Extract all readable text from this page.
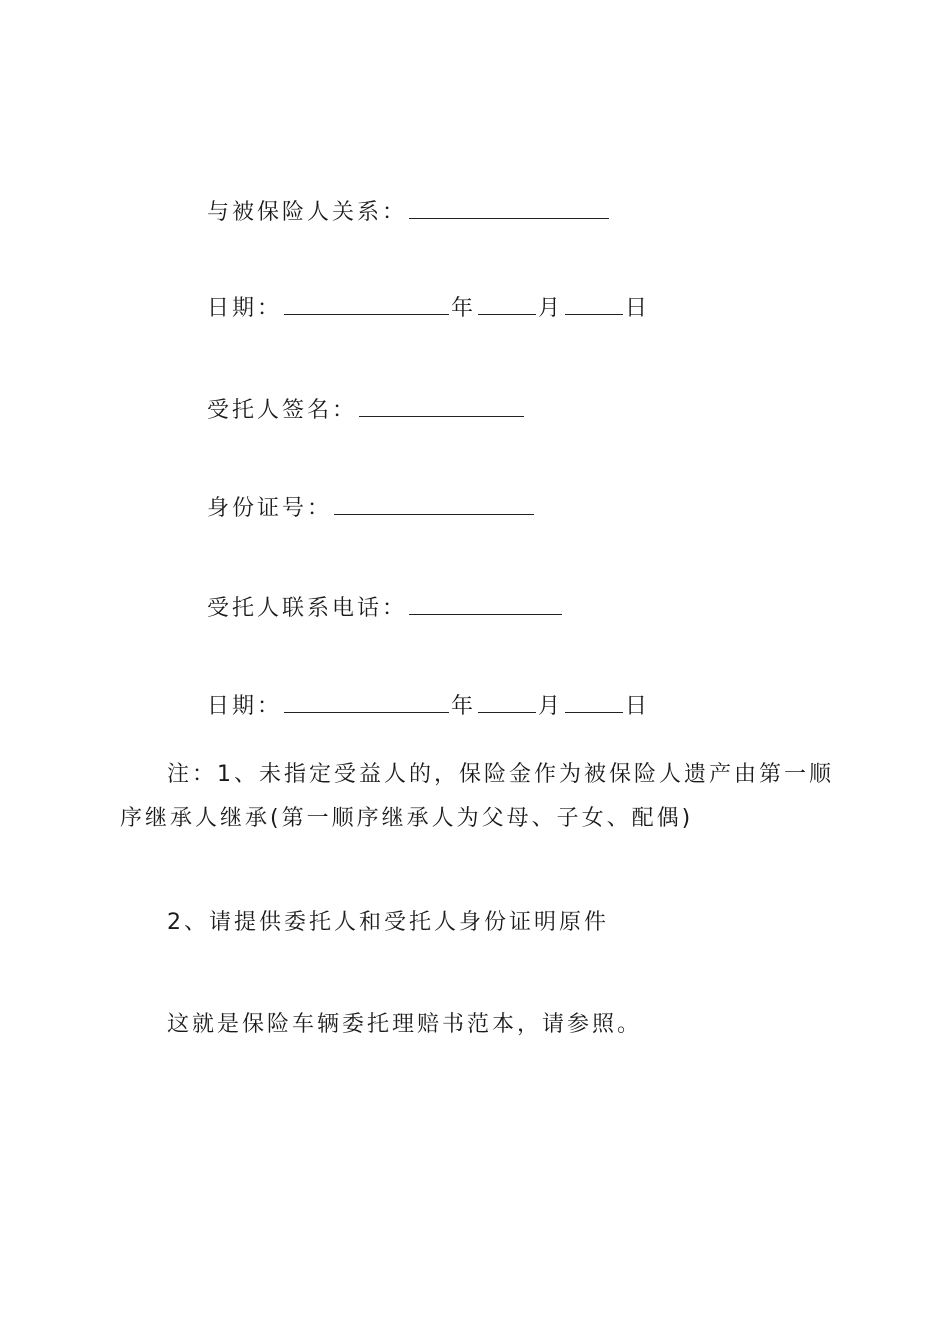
与被保险人关系：

日期：	年	月	日

受托人签名：

身份证号：

受托人联系电话：

日期：	年	月	日

注：1、未指定受益人的，保险金作为被保险人遗产由第一顺序继承人继承(第一顺序继承人为父母、子女、配偶)
2、请提供委托人和受托人身份证明原件
这就是保险车辆委托理赔书范本，请参照。
